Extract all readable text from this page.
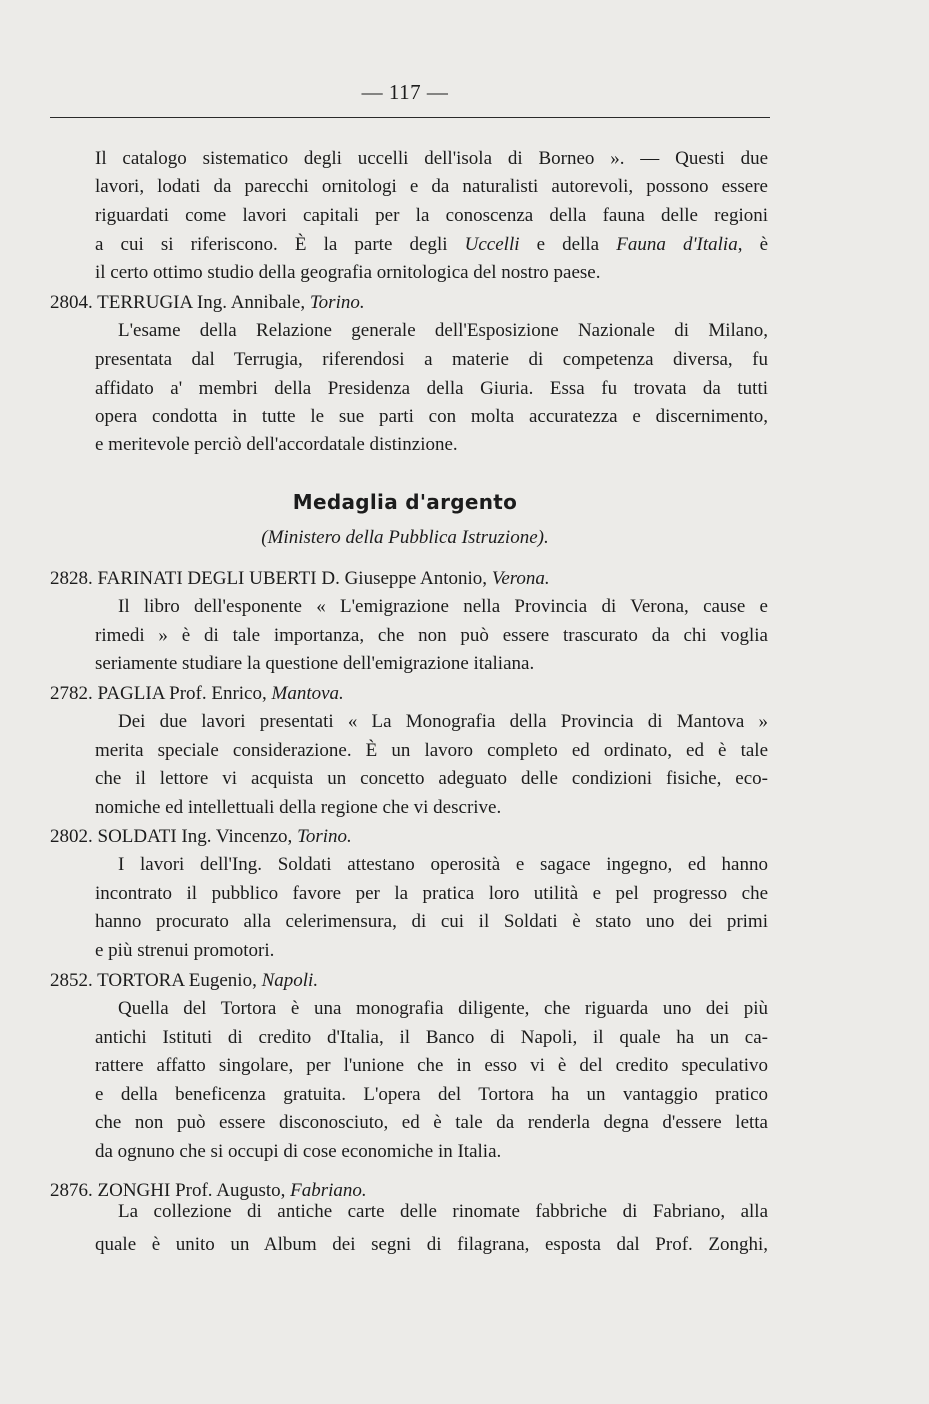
— 117 —
Il catalogo sistematico degli uccelli dell'isola di Borneo ». — Questi due
lavori, lodati da parecchi ornitologi e da naturalisti autorevoli, possono essere
riguardati come lavori capitali per la conoscenza della fauna delle regioni
a cui si riferiscono. È la parte degli Uccelli e della Fauna d'Italia, è
il certo ottimo studio della geografia ornitologica del nostro paese.
2804. TERRUGIA Ing. Annibale, Torino.
L'esame della Relazione generale dell'Esposizione Nazionale di Milano,
presentata dal Terrugia, riferendosi a materie di competenza diversa, fu
affidato a' membri della Presidenza della Giuria. Essa fu trovata da tutti
opera condotta in tutte le sue parti con molta accuratezza e discernimento,
e meritevole perciò dell'accordatale distinzione.
Medaglia d'argento
(Ministero della Pubblica Istruzione).
2828. FARINATI DEGLI UBERTI D. Giuseppe Antonio, Verona.
Il libro dell'esponente « L'emigrazione nella Provincia di Verona, cause e
rimedi » è di tale importanza, che non può essere trascurato da chi voglia
seriamente studiare la questione dell'emigrazione italiana.
2782. PAGLIA Prof. Enrico, Mantova.
Dei due lavori presentati « La Monografia della Provincia di Mantova »
merita speciale considerazione. È un lavoro completo ed ordinato, ed è tale
che il lettore vi acquista un concetto adeguato delle condizioni fisiche, eco-
nomiche ed intellettuali della regione che vi descrive.
2802. SOLDATI Ing. Vincenzo, Torino.
I lavori dell'Ing. Soldati attestano operosità e sagace ingegno, ed hanno
incontrato il pubblico favore per la pratica loro utilità e pel progresso che
hanno procurato alla celerimensura, di cui il Soldati è stato uno dei primi
e più strenui promotori.
2852. TORTORA Eugenio, Napoli.
Quella del Tortora è una monografia diligente, che riguarda uno dei più
antichi Istituti di credito d'Italia, il Banco di Napoli, il quale ha un ca-
rattere affatto singolare, per l'unione che in esso vi è del credito speculativo
e della beneficenza gratuita. L'opera del Tortora ha un vantaggio pratico
che non può essere disconosciuto, ed è tale da renderla degna d'essere letta
da ognuno che si occupi di cose economiche in Italia.
2876. ZONGHI Prof. Augusto, Fabriano.
La collezione di antiche carte delle rinomate fabbriche di Fabriano, alla
quale è unito un Album dei segni di filagrana, esposta dal Prof. Zonghi,
